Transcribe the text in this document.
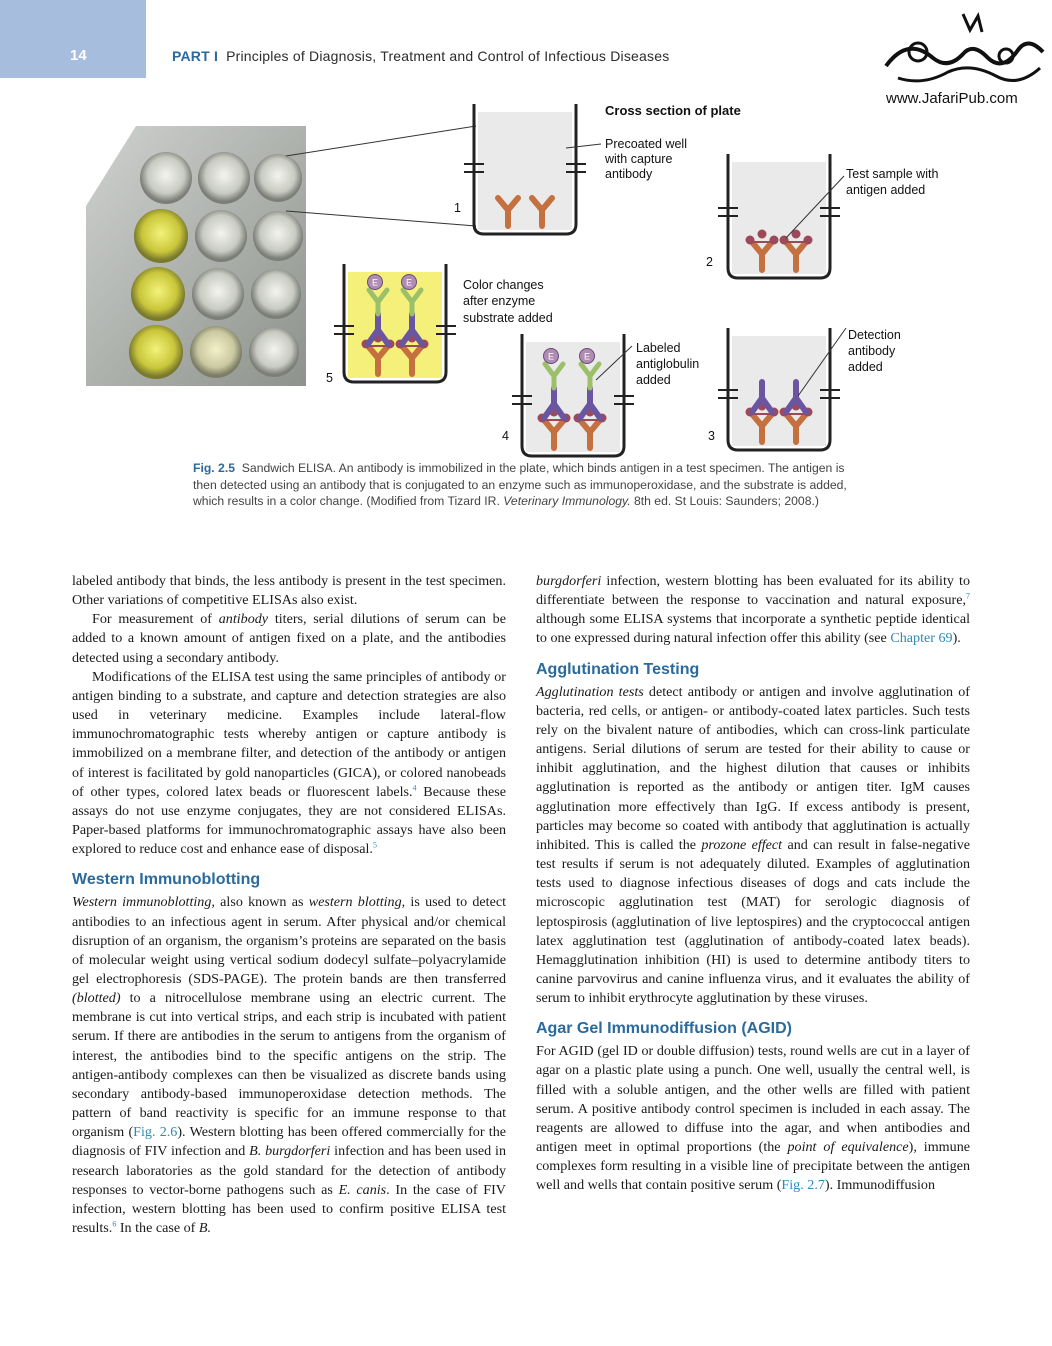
14	PART I Principles of Diagnosis, Treatment and Control of Infectious Diseases
www.JafariPub.com
Cross section of plate
1
Precoated well with capture antibody
2
Test sample with antigen added
5
Color changes after enzyme substrate added
4
Labeled antiglobulin added
3
Detection antibody added
Fig. 2.5 Sandwich ELISA. An antibody is immobilized in the plate, which binds antigen in a test specimen. The antigen is then detected using an antibody that is conjugated to an enzyme such as immunoperoxidase, and the substrate is added, which results in a color change. (Modified from Tizard IR. Veterinary Immunology. 8th ed. St Louis: Saunders; 2008.)

labeled antibody that binds, the less antibody is present in the test specimen. Other variations of competitive ELISAs also exist.

For measurement of antibody titers, serial dilutions of serum can be added to a known amount of antigen fixed on a plate, and the antibodies detected using a secondary antibody.

Modifications of the ELISA test using the same principles of antibody or antigen binding to a substrate, and capture and detection strategies are also used in veterinary medicine. Examples include lateral-flow immunochromatographic tests whereby antigen or capture antibody is immobilized on a membrane filter, and detection of the antibody or antigen of interest is facilitated by gold nanoparticles (GICA), or colored nanobeads of other types, colored latex beads or fluorescent labels.$^4$ Because these assays do not use enzyme conjugates, they are not considered ELISAs. Paper-based platforms for immunochromatographic assays have also been explored to reduce cost and enhance ease of disposal.$^5$

Western Immunoblotting

Western immunoblotting, also known as western blotting, is used to detect antibodies to an infectious agent in serum. After physical and/or chemical disruption of an organism, the organism’s proteins are separated on the basis of molecular weight using vertical sodium dodecyl sulfate–polyacrylamide gel electrophoresis (SDS-PAGE). The protein bands are then transferred (blotted) to a nitrocellulose membrane using an electric current. The membrane is cut into vertical strips, and each strip is incubated with patient serum. If there are antibodies in the serum to antigens from the organism of interest, the antibodies bind to the specific antigens on the strip. The antigen-antibody complexes can then be visualized as discrete bands using secondary antibody-based immunoperoxidase detection methods. The pattern of band reactivity is specific for an immune response to that organism (Fig. 2.6). Western blotting has been offered commercially for the diagnosis of FIV infection and B. burgdorferi infection and has been used in research laboratories as the gold standard for the detection of antibody responses to vector-borne pathogens such as E. canis. In the case of FIV infection, western blotting has been used to confirm positive ELISA test results.$^6$ In the case of B.

burgdorferi infection, western blotting has been evaluated for its ability to differentiate between the response to vaccination and natural exposure,$^7$ although some ELISA systems that incorporate a synthetic peptide identical to one expressed during natural infection offer this ability (see Chapter 69).

Agglutination Testing

Agglutination tests detect antibody or antigen and involve agglutination of bacteria, red cells, or antigen- or antibody-coated latex particles. Such tests rely on the bivalent nature of antibodies, which can cross-link particulate antigens. Serial dilutions of serum are tested for their ability to cause or inhibit agglutination, and the highest dilution that causes or inhibits agglutination is reported as the antibody or antigen titer. IgM causes agglutination more effectively than IgG. If excess antibody is present, particles may become so coated with antibody that agglutination is actually inhibited. This is called the prozone effect and can result in false-negative test results if serum is not adequately diluted. Examples of agglutination tests used to diagnose infectious diseases of dogs and cats include the microscopic agglutination test (MAT) for serologic diagnosis of leptospirosis (agglutination of live leptospires) and the cryptococcal antigen latex agglutination test (agglutination of antibody-coated latex beads). Hemagglutination inhibition (HI) is used to determine antibody titers to canine parvovirus and canine influenza virus, and it evaluates the ability of serum to inhibit erythrocyte agglutination by these viruses.

Agar Gel Immunodiffusion (AGID)

For AGID (gel ID or double diffusion) tests, round wells are cut in a layer of agar on a plastic plate using a punch. One well, usually the central well, is filled with a soluble antigen, and the other wells are filled with patient serum. A positive antibody control specimen is included in each assay. The reagents are allowed to diffuse into the agar, and when antibodies and antigen meet in optimal proportions (the point of equivalence), immune complexes form resulting in a visible line of precipitate between the antigen well and wells that contain positive serum (Fig. 2.7). Immunodiffusion
